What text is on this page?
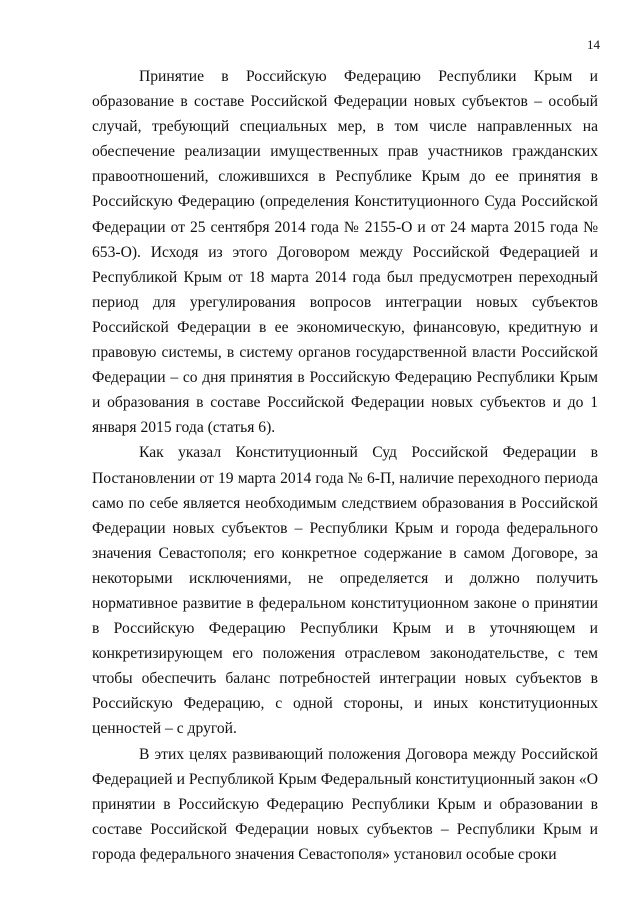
14

Принятие в Российскую Федерацию Республики Крым и образование в составе Российской Федерации новых субъектов – особый случай, требующий специальных мер, в том числе направленных на обеспечение реализации имущественных прав участников гражданских правоотношений, сложившихся в Республике Крым до ее принятия в Российскую Федерацию (определения Конституционного Суда Российской Федерации от 25 сентября 2014 года № 2155-О и от 24 марта 2015 года № 653-О). Исходя из этого Договором между Российской Федерацией и Республикой Крым от 18 марта 2014 года был предусмотрен переходный период для урегулирования вопросов интеграции новых субъектов Российской Федерации в ее экономическую, финансовую, кредитную и правовую системы, в систему органов государственной власти Российской Федерации – со дня принятия в Российскую Федерацию Республики Крым и образования в составе Российской Федерации новых субъектов и до 1 января 2015 года (статья 6).

Как указал Конституционный Суд Российской Федерации в Постановлении от 19 марта 2014 года № 6-П, наличие переходного периода само по себе является необходимым следствием образования в Российской Федерации новых субъектов – Республики Крым и города федерального значения Севастополя; его конкретное содержание в самом Договоре, за некоторыми исключениями, не определяется и должно получить нормативное развитие в федеральном конституционном законе о принятии в Российскую Федерацию Республики Крым и в уточняющем и конкретизирующем его положения отраслевом законодательстве, с тем чтобы обеспечить баланс потребностей интеграции новых субъектов в Российскую Федерацию, с одной стороны, и иных конституционных ценностей – с другой.

В этих целях развивающий положения Договора между Российской Федерацией и Республикой Крым Федеральный конституционный закон «О принятии в Российскую Федерацию Республики Крым и образовании в составе Российской Федерации новых субъектов – Республики Крым и города федерального значения Севастополя» установил особые сроки
